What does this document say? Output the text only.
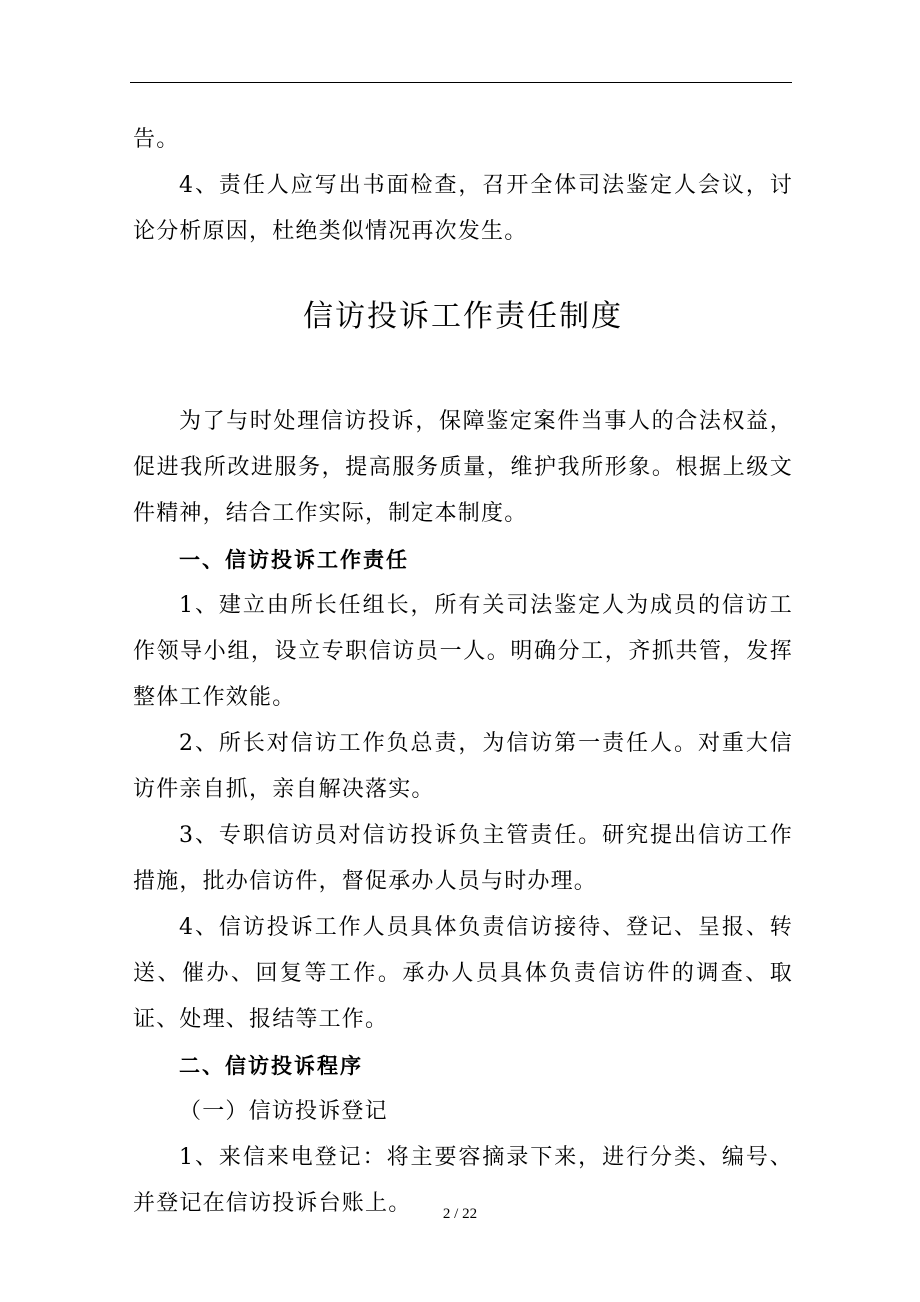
告。

4、责任人应写出书面检查，召开全体司法鉴定人会议，讨论分析原因，杜绝类似情况再次发生。

信访投诉工作责任制度

为了与时处理信访投诉，保障鉴定案件当事人的合法权益，促进我所改进服务，提高服务质量，维护我所形象。根据上级文件精神，结合工作实际，制定本制度。

一、信访投诉工作责任

1、建立由所长任组长，所有关司法鉴定人为成员的信访工作领导小组，设立专职信访员一人。明确分工，齐抓共管，发挥整体工作效能。

2、所长对信访工作负总责，为信访第一责任人。对重大信访件亲自抓，亲自解决落实。

3、专职信访员对信访投诉负主管责任。研究提出信访工作措施，批办信访件，督促承办人员与时办理。

4、信访投诉工作人员具体负责信访接待、登记、呈报、转送、催办、回复等工作。承办人员具体负责信访件的调查、取证、处理、报结等工作。

二、信访投诉程序

（一）信访投诉登记

1、来信来电登记：将主要容摘录下来，进行分类、编号、并登记在信访投诉台账上。	2 / 22
